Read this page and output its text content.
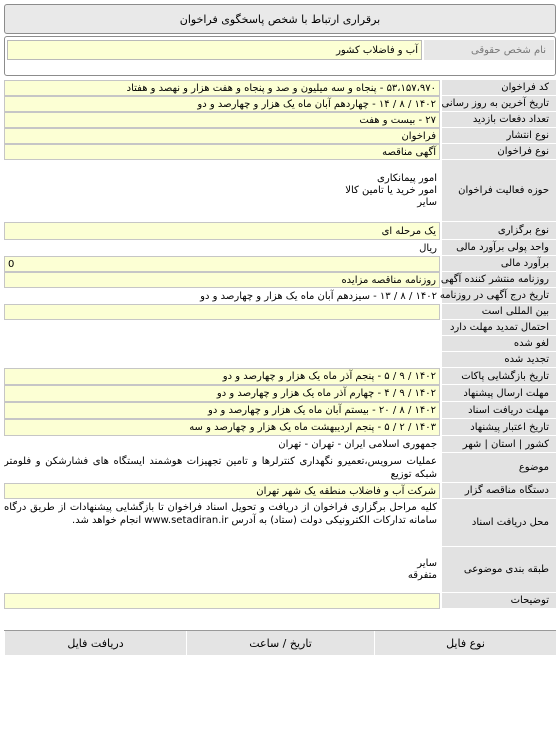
برقراری ارتباط با شخص پاسخگوی فراخوان
نام شخص حقوقی
آب و فاضلاب کشور
کد فراخوان
۵۳،۱۵۷،۹۷۰ - پنجاه و سه میلیون و صد و پنجاه و هفت هزار و نهصد و هفتاد
تاریخ آخرین به روز رسانی
۱۴۰۲ / ۸ / ۱۴ - چهاردهم آبان ماه یک هزار و چهارصد و دو
تعداد دفعات بازدید
۲۷ - بیست و هفت
نوع انتشار
فراخوان
نوع فراخوان
آگهی مناقصه
حوزه فعالیت فراخوان
امور پیمانکاری
امور خرید یا تامین کالا
سایر
نوع برگزاری
یک مرحله ای
واحد پولی برآورد مالی
ریال
برآورد مالی
0
روزنامه منتشر کننده آگهی
روزنامه مناقصه مزایده
تاریخ درج آگهی در روزنامه
۱۴۰۲ / ۸ / ۱۳ - سیزدهم آبان ماه یک هزار و چهارصد و دو
بین المللی است
احتمال تمدید مهلت دارد
لغو شده
تجدید شده
تاریخ بازگشایی پاکات
۱۴۰۲ / ۹ / ۵ - پنجم آذر ماه یک هزار و چهارصد و دو
مهلت ارسال پیشنهاد
۱۴۰۲ / ۹ / ۴ - چهارم آذر ماه یک هزار و چهارصد و دو
مهلت دریافت اسناد
۱۴۰۲ / ۸ / ۲۰ - بیستم آبان ماه یک هزار و چهارصد و دو
تاریخ اعتبار پیشنهاد
۱۴۰۳ / ۲ / ۵ - پنجم اردیبهشت ماه یک هزار و چهارصد و سه
کشور | استان | شهر
جمهوری اسلامی ایران - تهران - تهران
موضوع
عملیات سرویس،تعمیرو نگهداری کنترلرها و تامین تجهیزات هوشمند ایستگاه های فشارشکن و فلومتر شبکه توزیع
دستگاه مناقصه گزار
شرکت آب و فاضلاب منطقه یک شهر تهران
محل دریافت اسناد
کلیه مراحل برگزاری فراخوان از دریافت و تحویل اسناد فراخوان تا بازگشایی پیشنهادات از طریق درگاه سامانه تدارکات الکترونیکی دولت (ستاد) به آدرس www.setadiran.ir انجام خواهد شد.
طبقه بندی موضوعی
سایر
متفرقه
توضیحات
نوع فایل
تاریخ / ساعت
دریافت فایل
